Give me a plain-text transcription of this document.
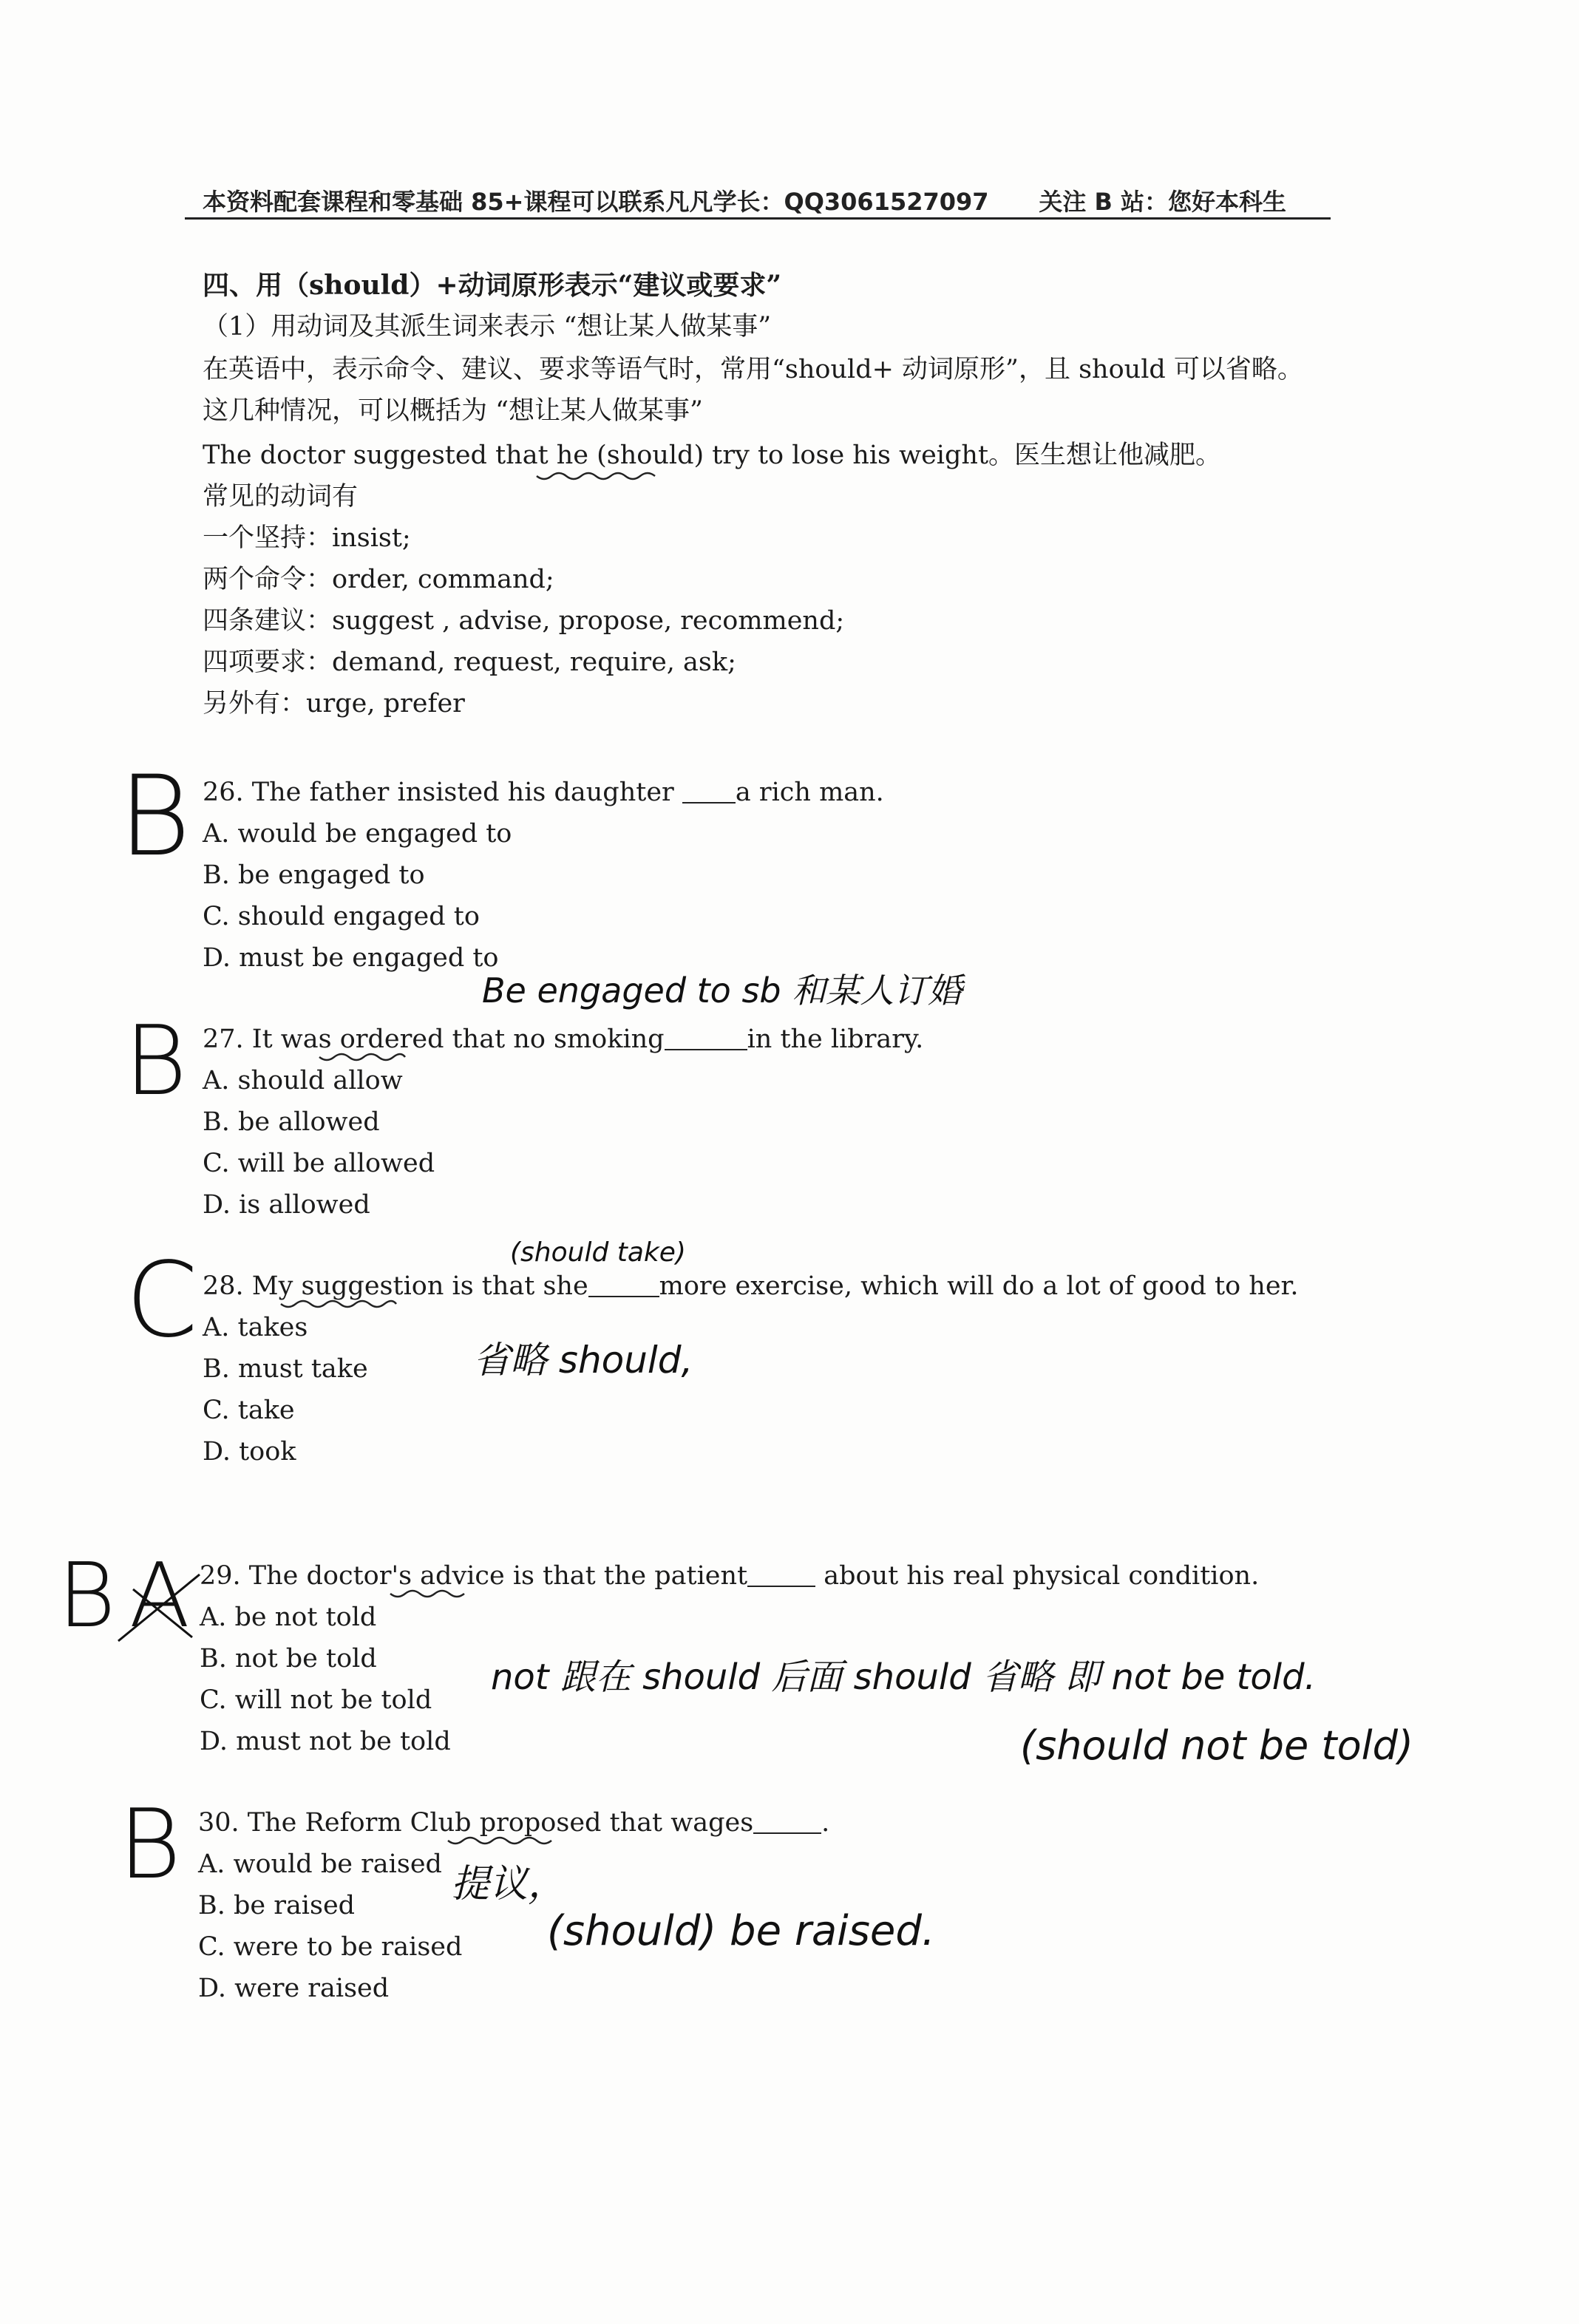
本资料配套课程和零基础 85+课程可以联系凡凡学长：QQ3061527097 关注 B 站：您好本科生
四、用（should）+动词原形表示“建议或要求”
（1）用动词及其派生词来表示 “想让某人做某事”
在英语中，表示命令、建议、要求等语气时，常用“should+ 动词原形”，且 should 可以省略。
这几种情况，可以概括为 “想让某人做某事”
The doctor suggested that he (should) try to lose his weight。医生想让他减肥。
常见的动词有
一个坚持：insist;
两个命令：order, command;
四条建议：suggest , advise, propose, recommend;
四项要求：demand, request, require, ask;
另外有：urge, prefer
26. The father insisted his daughter a rich man.
A. would be engaged to
B. be engaged to
C. should engaged to
D. must be engaged to
B
Be engaged to sb 和某人订婚
27. It was ordered that no smoking	in the library.
A. should allow
B. be allowed
C. will be allowed
D. is allowed
B
(should take)
28. My suggestion is that she	more exercise, which will do a lot of good to her.
A. takes
B. must take
C. take
D. took
C	省略 should,
29. The doctor's advice is that the patient	about his real physical condition.
A. be not told
B. not be told
C. will not be told
D. must not be told
B A
not 跟在 should 后面 should 省略 即 not be told.
(should not be told)
30. The Reform Club proposed that wages	.
A. would be raised
B. be raised
C. were to be raised
D. were raised
B	提议，
(should) be raised.
